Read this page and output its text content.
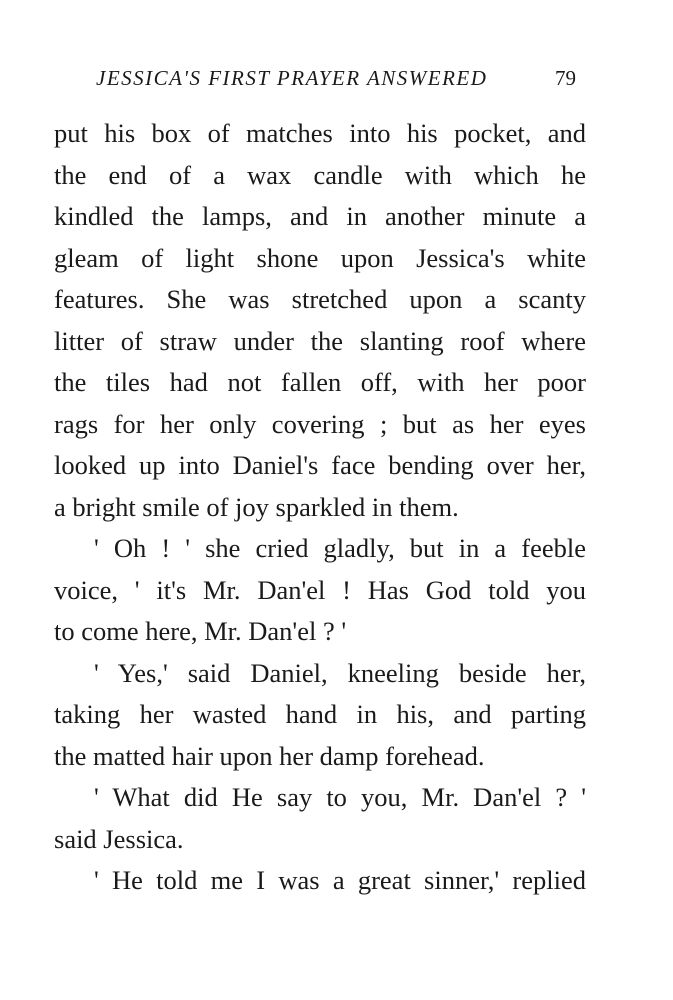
JESSICA'S FIRST PRAYER ANSWERED	79
put his box of matches into his pocket, and
the end of a wax candle with which he
kindled the lamps, and in another minute a
gleam of light shone upon Jessica's white
features. She was stretched upon a scanty
litter of straw under the slanting roof where
the tiles had not fallen off, with her poor
rags for her only covering ; but as her eyes
looked up into Daniel's face bending over her,
a bright smile of joy sparkled in them.
' Oh ! ' she cried gladly, but in a feeble
voice, ' it's Mr. Dan'el ! Has God told you
to come here, Mr. Dan'el ? '
' Yes,' said Daniel, kneeling beside her,
taking her wasted hand in his, and parting
the matted hair upon her damp forehead.
' What did He say to you, Mr. Dan'el ? '
said Jessica.
' He told me I was a great sinner,' replied
